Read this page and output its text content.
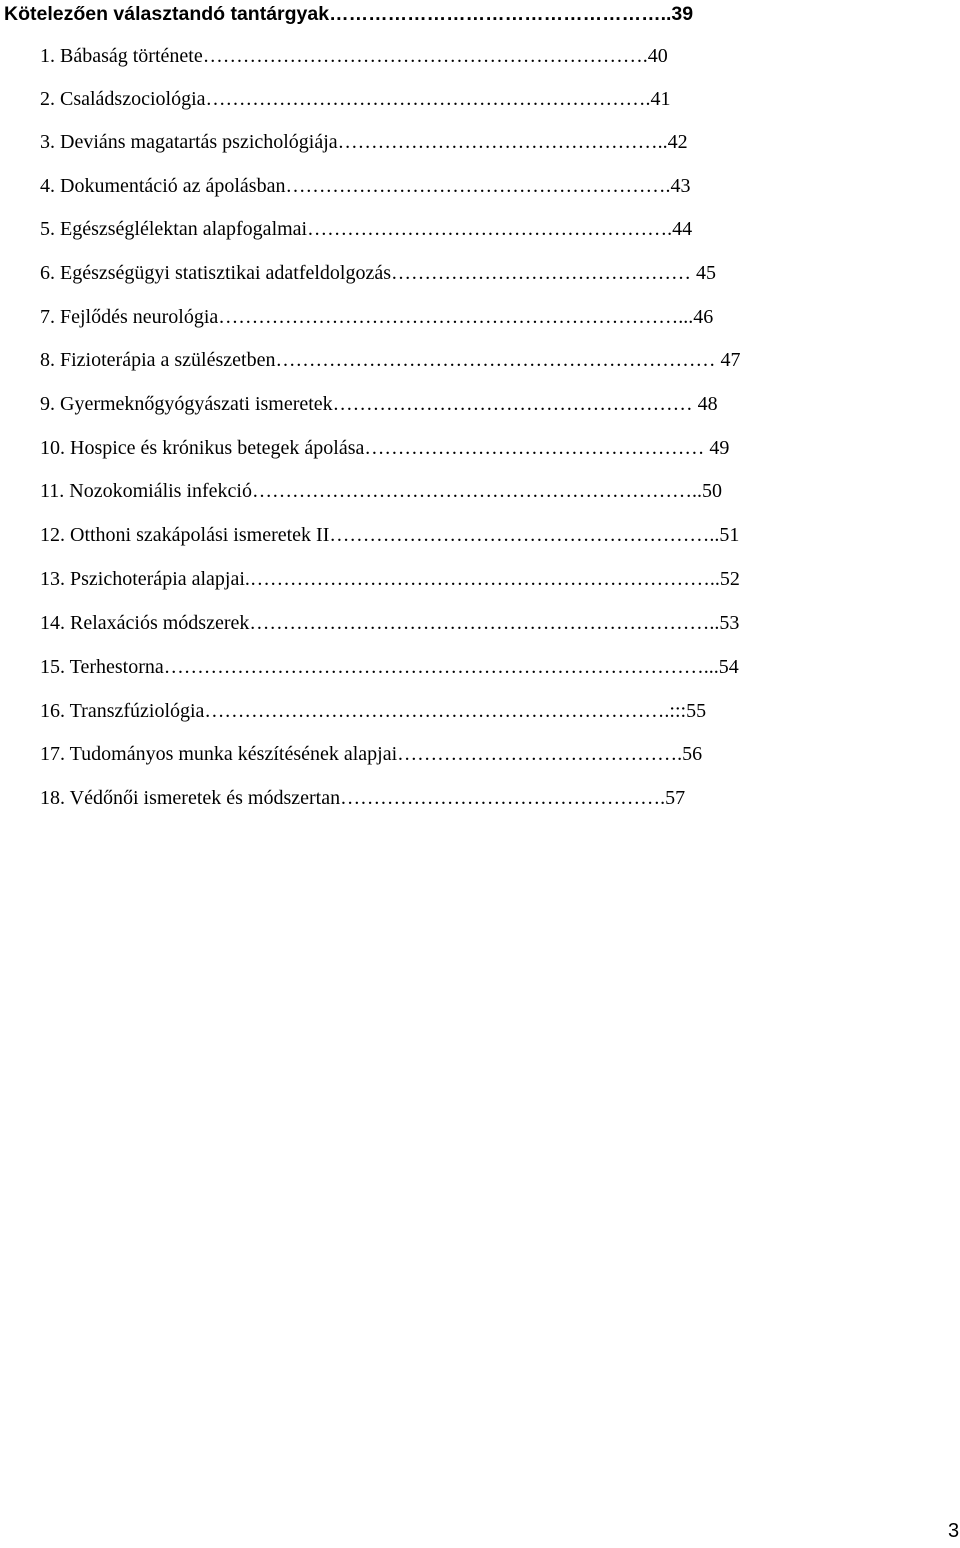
Kötelezően választandó tantárgyak……………………………………………..39
1. Bábaság története………………………………………………………….40
2. Családszociológia………………………………………………………….41
3. Deviáns magatartás pszichológiája…………………………………………..42
4. Dokumentáció az ápolásban………………………………………………….43
5. Egészséglélektan alapfogalmai……………………………………………….44
6. Egészségügyi statisztikai adatfeldolgozás……………………………………… 45
7. Fejlődés neurológia……………………………………………………………...46
8. Fizioterápia a szülészetben………………………………………………………… 47
9. Gyermeknőgyógyászati ismeretek……………………………………………… 48
10. Hospice és krónikus betegek ápolása…………………………………………… 49
11. Nozokomiális infekció…………………………………………………………..50
12. Otthoni szakápolási ismeretek II…………………………………………………..51
13. Pszichoterápia alapjai.……………………………………………………………..52
14. Relaxációs módszerek……………………………………………………………..53
15. Terhestorna………………………………………………………………………...54
16. Transzfúziológia…………………………………………………………….:::55
17. Tudományos munka készítésének alapjai…………………………………….56
18. Védőnői ismeretek és módszertan………………………………………….57
3
